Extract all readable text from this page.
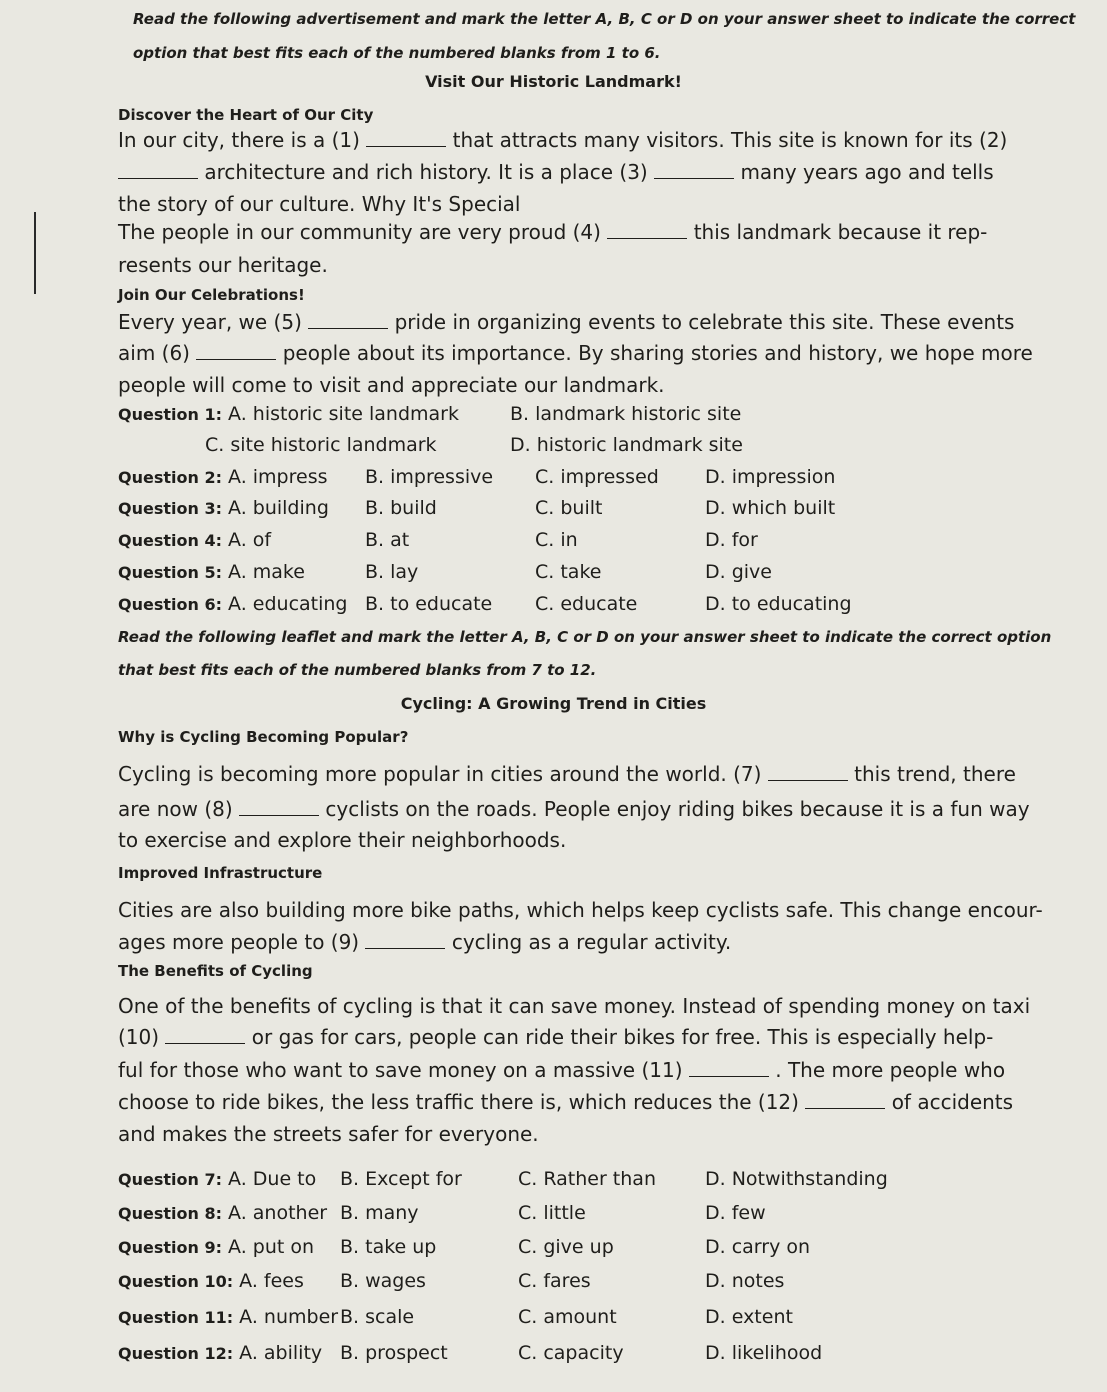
Read the following advertisement and mark the letter A, B, C or D on your answer sheet to indicate the correct
option that best fits each of the numbered blanks from 1 to 6.
Visit Our Historic Landmark!
Discover the Heart of Our City
In our city, there is a (1)	that attracts many visitors. This site is known for its (2)
architecture and rich history. It is a place (3)	many years ago and tells
the story of our culture. Why It's Special
The people in our community are very proud (4)	this landmark because it rep-
resents our heritage.
Join Our Celebrations!
Every year, we (5)	pride in organizing events to celebrate this site. These events
aim (6)	people about its importance. By sharing stories and history, we hope more
people will come to visit and appreciate our landmark.
Question 1: A. historic site landmark	B. landmark historic site
C. site historic landmark	D. historic landmark site
Question 2: A. impress B. impressive C. impressed D. impression
Question 3: A. building B. build	C. built	D. which built
Question 4: A. of	B. at	C. in	D. for
Question 5: A. make	B. lay	C. take	D. give
Question 6: A. educating B. to educate C. educate	D. to educating
Read the following leaflet and mark the letter A, B, C or D on your answer sheet to indicate the correct option
that best fits each of the numbered blanks from 7 to 12.
Cycling: A Growing Trend in Cities
Why is Cycling Becoming Popular?
Cycling is becoming more popular in cities around the world. (7)	this trend, there
are now (8)	cyclists on the roads. People enjoy riding bikes because it is a fun way
to exercise and explore their neighborhoods.
Improved Infrastructure
Cities are also building more bike paths, which helps keep cyclists safe. This change encour-
ages more people to (9)	cycling as a regular activity.
The Benefits of Cycling
One of the benefits of cycling is that it can save money. Instead of spending money on taxi
(10)	or gas for cars, people can ride their bikes for free. This is especially help-
ful for those who want to save money on a massive (11)	. The more people who
choose to ride bikes, the less traffic there is, which reduces the (12)	of accidents
and makes the streets safer for everyone.
Question 7: A. Due to B. Except for	C. Rather than	D. Notwithstanding
Question 8: A. another B. many	C. little	D. few
Question 9: A. put on B. take up	C. give up	D. carry on
Question 10: A. fees B. wages	C. fares	D. notes
Question 11: A. number B. scale	C. amount	D. extent
Question 12: A. ability B. prospect	C. capacity	D. likelihood
